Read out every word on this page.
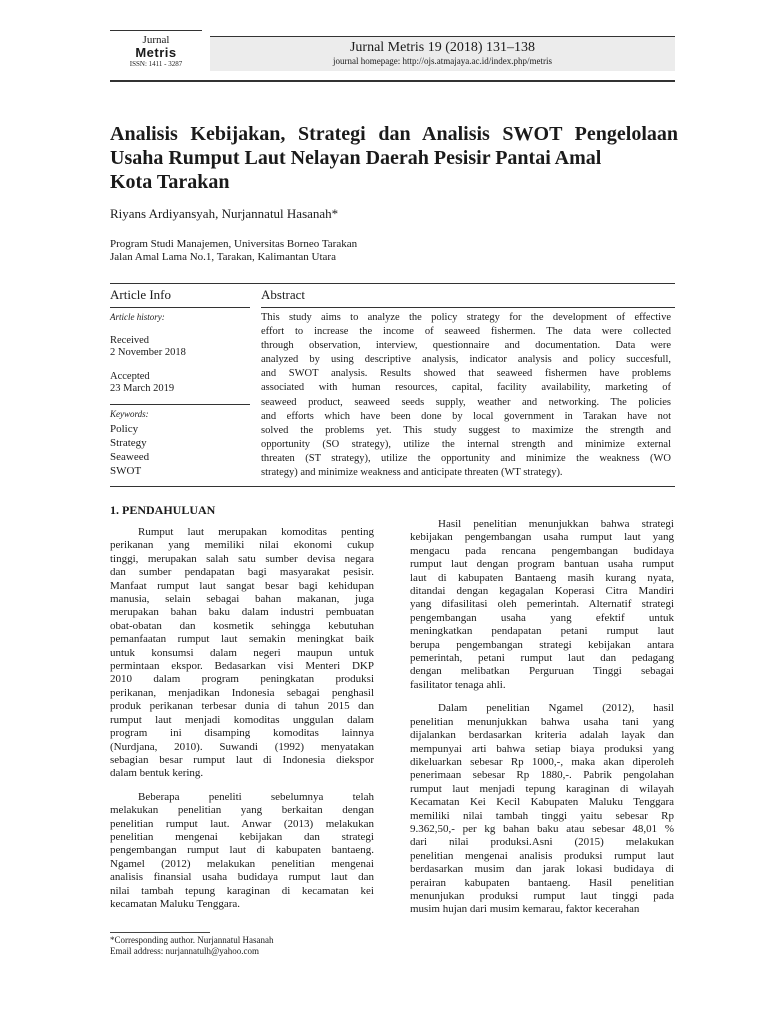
Jurnal
Metris
ISSN: 1411 - 3287
Jurnal Metris 19 (2018) 131–138
journal homepage: http://ojs.atmajaya.ac.id/index.php/metris
Analisis Kebijakan, Strategi dan Analisis SWOT Pengelolaan
Usaha Rumput Laut Nelayan Daerah Pesisir Pantai Amal
Kota Tarakan
Riyans Ardiyansyah, Nurjannatul Hasanah*
Program Studi Manajemen, Universitas Borneo Tarakan
Jalan Amal Lama No.1, Tarakan, Kalimantan Utara
Article Info	Abstract
Article history:
Received
2 November 2018
Accepted
23 March 2019
Keywords:
Policy
Strategy
Seaweed
SWOT
This study aims to analyze the policy strategy for the development of effective
effort to increase the income of seaweed fishermen. The data were collected
through observation, interview, questionnaire and documentation. Data were
analyzed by using descriptive analysis, indicator analysis and policy succesfull,
and SWOT analysis. Results showed that seaweed fishermen have problems
associated with human resources, capital, facility availability, marketing of
seaweed product, seaweed seeds supply, weather and networking. The policies
and efforts which have been done by local government in Tarakan have not
solved the problems yet. This study suggest to maximize the strength and
opportunity (SO strategy), utilize the internal strength and minimize external
threaten (ST strategy), utilize the opportunity and minimize the weakness (WO
strategy) and minimize weakness and anticipate threaten (WT strategy).
1. PENDAHULUAN

Rumput laut merupakan komoditas penting
perikanan yang memiliki nilai ekonomi cukup
tinggi, merupakan salah satu sumber devisa negara
dan sumber pendapatan bagi masyarakat pesisir.
Manfaat rumput laut sangat besar bagi kehidupan
manusia, selain sebagai bahan makanan, juga
merupakan bahan baku dalam industri pembuatan
obat-obatan dan kosmetik sehingga kebutuhan
pemanfaatan rumput laut semakin meningkat baik
untuk konsumsi dalam negeri maupun untuk
permintaan ekspor. Bedasarkan visi Menteri DKP
2010 dalam program peningkatan produksi
perikanan, menjadikan Indonesia sebagai penghasil
produk perikanan terbesar dunia di tahun 2015 dan
rumput laut menjadi komoditas unggulan dalam
program ini disamping komoditas lainnya
(Nurdjana, 2010). Suwandi (1992) menyatakan
sebagian besar rumput laut di Indonesia diekspor
dalam bentuk kering.

Beberapa peneliti sebelumnya telah
melakukan penelitian yang berkaitan dengan
penelitian rumput laut. Anwar (2013) melakukan
penelitian mengenai kebijakan dan strategi
pengembangan rumput laut di kabupaten bantaeng.
Ngamel (2012) melakukan penelitian mengenai
analisis finansial usaha budidaya rumput laut dan
nilai tambah tepung karaginan di kecamatan kei
kecamatan Maluku Tenggara.

Hasil penelitian menunjukkan bahwa strategi
kebijakan pengembangan usaha rumput laut yang
mengacu pada rencana pengembangan budidaya
rumput laut dengan program bantuan usaha rumput
laut di kabupaten Bantaeng masih kurang nyata,
ditandai dengan kegagalan Koperasi Citra Mandiri
yang difasilitasi oleh pemerintah. Alternatif strategi
pengembangan usaha yang efektif untuk
meningkatkan pendapatan petani rumput laut
berupa pengembangan strategi kebijakan antara
pemerintah, petani rumput laut dan pedagang
dengan melibatkan Perguruan Tinggi sebagai
fasilitator tenaga ahli.

Dalam penelitian Ngamel (2012), hasil
penelitian menunjukkan bahwa usaha tani yang
dijalankan berdasarkan kriteria adalah layak dan
mempunyai arti bahwa setiap biaya produksi yang
dikeluarkan sebesar Rp 1000,-, maka akan diperoleh
penerimaan sebesar Rp 1880,-. Pabrik pengolahan
rumput laut menjadi tepung karaginan di wilayah
Kecamatan Kei Kecil Kabupaten Maluku Tenggara
memiliki nilai tambah tinggi yaitu sebesar Rp
9.362,50,- per kg bahan baku atau sebesar 48,01 %
dari nilai produksi.Asni (2015) melakukan
penelitian mengenai analisis produksi rumput laut
berdasarkan musim dan jarak lokasi budidaya di
perairan kabupaten bantaeng. Hasil penelitian
menunjukan produksi rumput laut tinggi pada
musim hujan dari musim kemarau, faktor kecerahan

*Corresponding author. Nurjannatul Hasanah
Email address: nurjannatulh@yahoo.com
